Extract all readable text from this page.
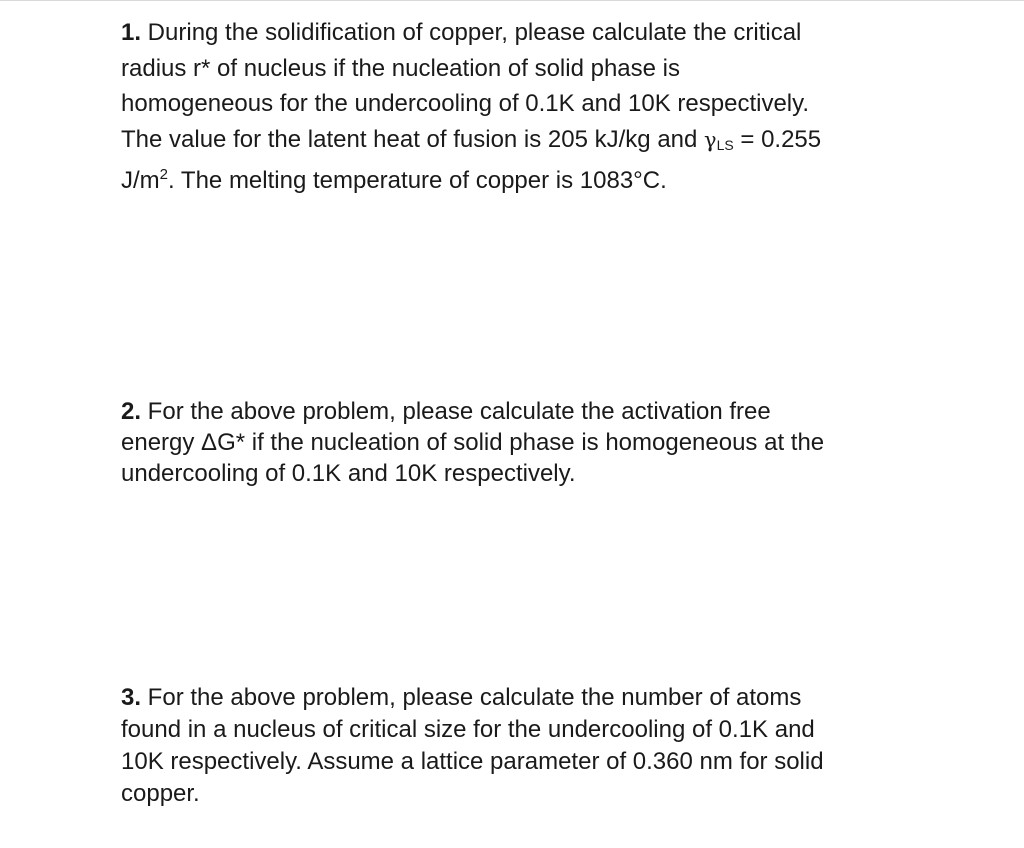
1. During the solidification of copper, please calculate the critical
radius r* of nucleus if the nucleation of solid phase is
homogeneous for the undercooling of 0.1K and 10K respectively.
The value for the latent heat of fusion is 205 kJ/kg and $\gamma_{LS} = 0.255$
$J/m^2$. The melting temperature of copper is 1083°C.
2. For the above problem, please calculate the activation free
energy ΔG* if the nucleation of solid phase is homogeneous at the
undercooling of 0.1K and 10K respectively.
3. For the above problem, please calculate the number of atoms
found in a nucleus of critical size for the undercooling of 0.1K and
10K respectively. Assume a lattice parameter of 0.360 nm for solid
copper.
